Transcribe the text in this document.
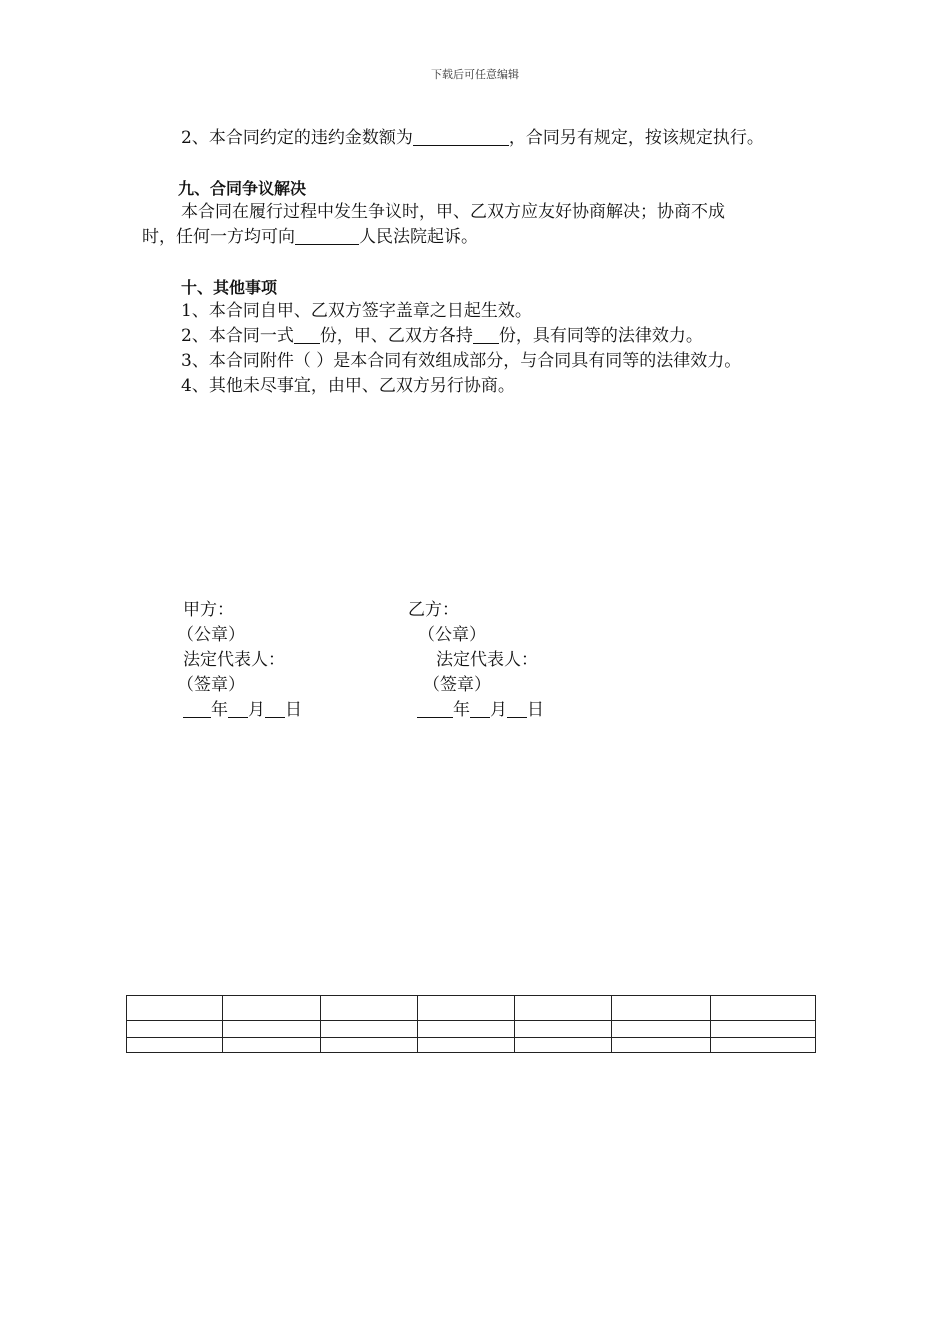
下载后可任意编辑
2、本合同约定的违约金数额为	，合同另有规定，按该规定执行。
九、合同争议解决
本合同在履行过程中发生争议时，甲、乙双方应友好协商解决；协商不成
时，任何一方均可向	人民法院起诉。
十、其他事项
1、本合同自甲、乙双方签字盖章之日起生效。
2、本合同一式 份，甲、乙双方各持 份，具有同等的法律效力。
3、本合同附件（ ）是本合同有效组成部分，与合同具有同等的法律效力。
4、其他未尽事宜，由甲、乙双方另行协商。
甲方：
（公章）
法定代表人：
（签章）
年 月 日
乙方：
（公章）
法定代表人：
（签章）
年 月 日
